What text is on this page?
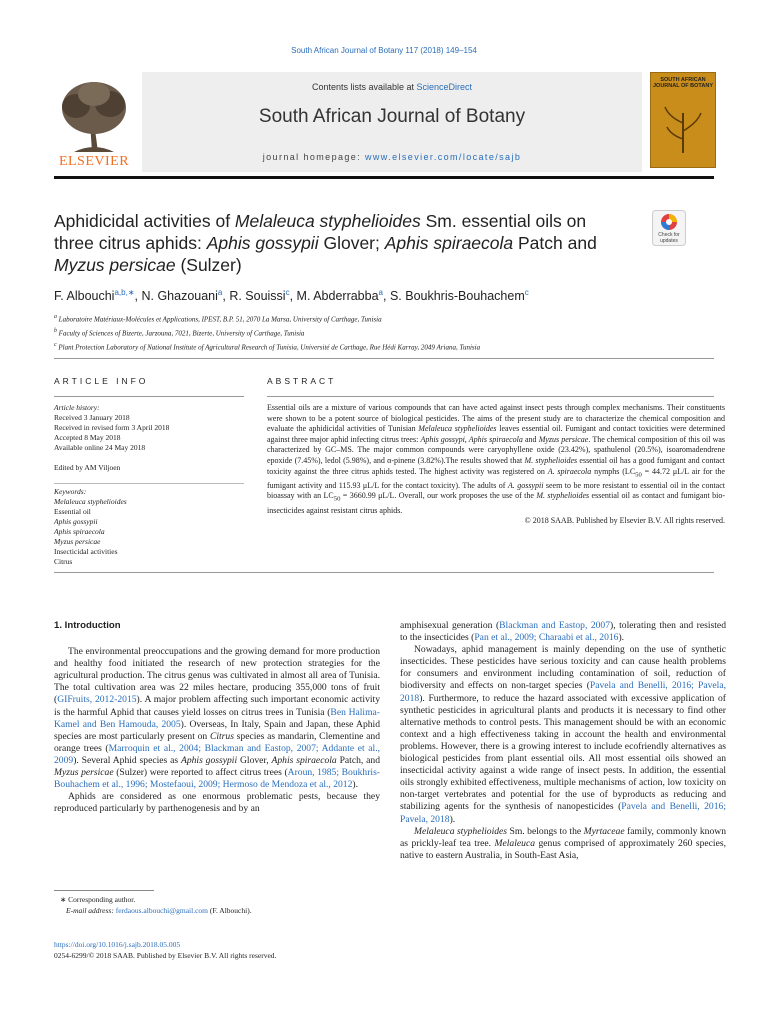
South African Journal of Botany 117 (2018) 149–154
ELSEVIER
Contents lists available at ScienceDirect
South African Journal of Botany
journal homepage: www.elsevier.com/locate/sajb
SOUTH AFRICAN JOURNAL OF BOTANY
Aphidicidal activities of Melaleuca styphelioides Sm. essential oils on three citrus aphids: Aphis gossypii Glover; Aphis spiraecola Patch and Myzus persicae (Sulzer)
Check for updates
F. Albouchi$^{a,b,∗}$, N. Ghazouani$^a$, R. Souissi$^c$, M. Abderrabba$^a$, S. Boukhris-Bouhachem$^c$
$^a$ Laboratoire Matériaux-Molécules et Applications, IPEST, B.P. 51, 2070 La Marsa, University of Carthage, Tunisia
$^b$ Faculty of Sciences of Bizerte, Jarzouna, 7021, Bizerte, University of Carthage, Tunisia
$^c$ Plant Protection Laboratory of National Institute of Agricultural Research of Tunisia, Université de Carthage, Rue Hédi Karray, 2049 Ariana, Tunisia
ARTICLE INFO	ABSTRACT
Article history:
Received 3 January 2018
Received in revised form 3 April 2018
Accepted 8 May 2018
Available online 24 May 2018
Edited by AM Viljoen
Keywords:
Melaleuca styphelioides
Essential oil
Aphis gossypii
Aphis spiraecola
Myzus persicae
Insecticidal activities
Citrus
Essential oils are a mixture of various compounds that can have acted against insect pests through complex mechanisms. Their constituents were shown to be a potent source of biological pesticides. The aims of the present study are to characterize the chemical composition and evaluate the aphidicidal activities of Tunisian Melaleuca styphelioides leaves essential oil. Fumigant and contact toxicities were determined against three major aphid infecting citrus trees: Aphis gossypi, Aphis spiraecola and Myzus persicae. The chemical composition of this oil was characterized by GC–MS. The major common compounds were caryophyllene oxide (23.42%), spathulenol (20.5%), isoaromadendrene epoxide (7.45%), ledol (5.98%), and α-pinene (3.82%).The results showed that M. styphelioides essential oil has a good fumigant and contact toxicity against the three citrus aphids tested. The highest activity was registered on A. spiraecola nymphs ($LC_{50} = 44.72$ μL/L air for the fumigant activity and 115.93 μL/L for the contact toxicity). The adults of A. gossypii seem to be more resistant to essential oil in the contact bioassay with an $LC_{50} = 3660.99$ μL/L. Overall, our work proposes the use of the M. styphelioides essential oil as contact and fumigant bio-insecticides against resistant citrus aphids.
© 2018 SAAB. Published by Elsevier B.V. All rights reserved.
1. Introduction

The environmental preoccupations and the growing demand for more production and healthy food initiated the research of new protection strategies for the agricultural production. The citrus genus was cultivated in almost all area of Tunisia. The total cultivation area was 22 miles hectare, producing 355,000 tons of fruit (GIFruits, 2012-2015). A major problem affecting such important economic activity is the harmful Aphid that causes yield losses on citrus trees in Tunisia (Ben Halima-Kamel and Ben Hamouda, 2005). Overseas, In Italy, Spain and Japan, these Aphid species are most particularly present on Citrus species as mandarin, Clementine and orange trees (Marroquin et al., 2004; Blackman and Eastop, 2007; Addante et al., 2009). Several Aphid species as Aphis gossypii Glover, Aphis spiraecola Patch, and Myzus persicae (Sulzer) were reported to affect citrus trees (Aroun, 1985; Boukhris-Bouhachem et al., 1996; Mostefaoui, 2009; Hermoso de Mendoza et al., 2012).

Aphids are considered as one enormous problematic pests, because they reproduced particularly by parthenogenesis and by an

amphisexual generation (Blackman and Eastop, 2007), tolerating then and resisted to the insecticides (Pan et al., 2009; Charaabi et al., 2016).

Nowadays, aphid management is mainly depending on the use of synthetic insecticides. These pesticides have serious toxicity and can cause health problems for consumers and environment including contamination of soil, reduction of biodiversity and effects on non-target species (Pavela and Benelli, 2016; Pavela, 2018). Furthermore, to reduce the hazard associated with excessive application of synthetic pesticides in agricultural plants and products it is necessary to find other alternative methods to control pests. This management should be with an economic context and a high effectiveness taking in account the health and environmental problems. However, there is a growing interest to include ecofriendly alternatives as biological pesticides from plant essential oils. All most essential oils showed an insecticidal activity against a wide range of insect pests. In addition, the essential oils strongly exhibited effectiveness, multiple mechanisms of action, low toxicity on non-target vertebrates and potential for the use of byproducts as reducing and stabilizing agents for the synthesis of nanopesticides (Pavela and Benelli, 2016; Pavela, 2018).

Melaleuca styphelioides Sm. belongs to the Myrtaceae family, commonly known as prickly-leaf tea tree. Melaleuca genus comprised of approximately 260 species, native to eastern Australia, in South-East Asia,

∗ Corresponding author.
E-mail address: ferdaous.albouchi@gmail.com (F. Albouchi).
https://doi.org/10.1016/j.sajb.2018.05.005
0254-6299/© 2018 SAAB. Published by Elsevier B.V. All rights reserved.
